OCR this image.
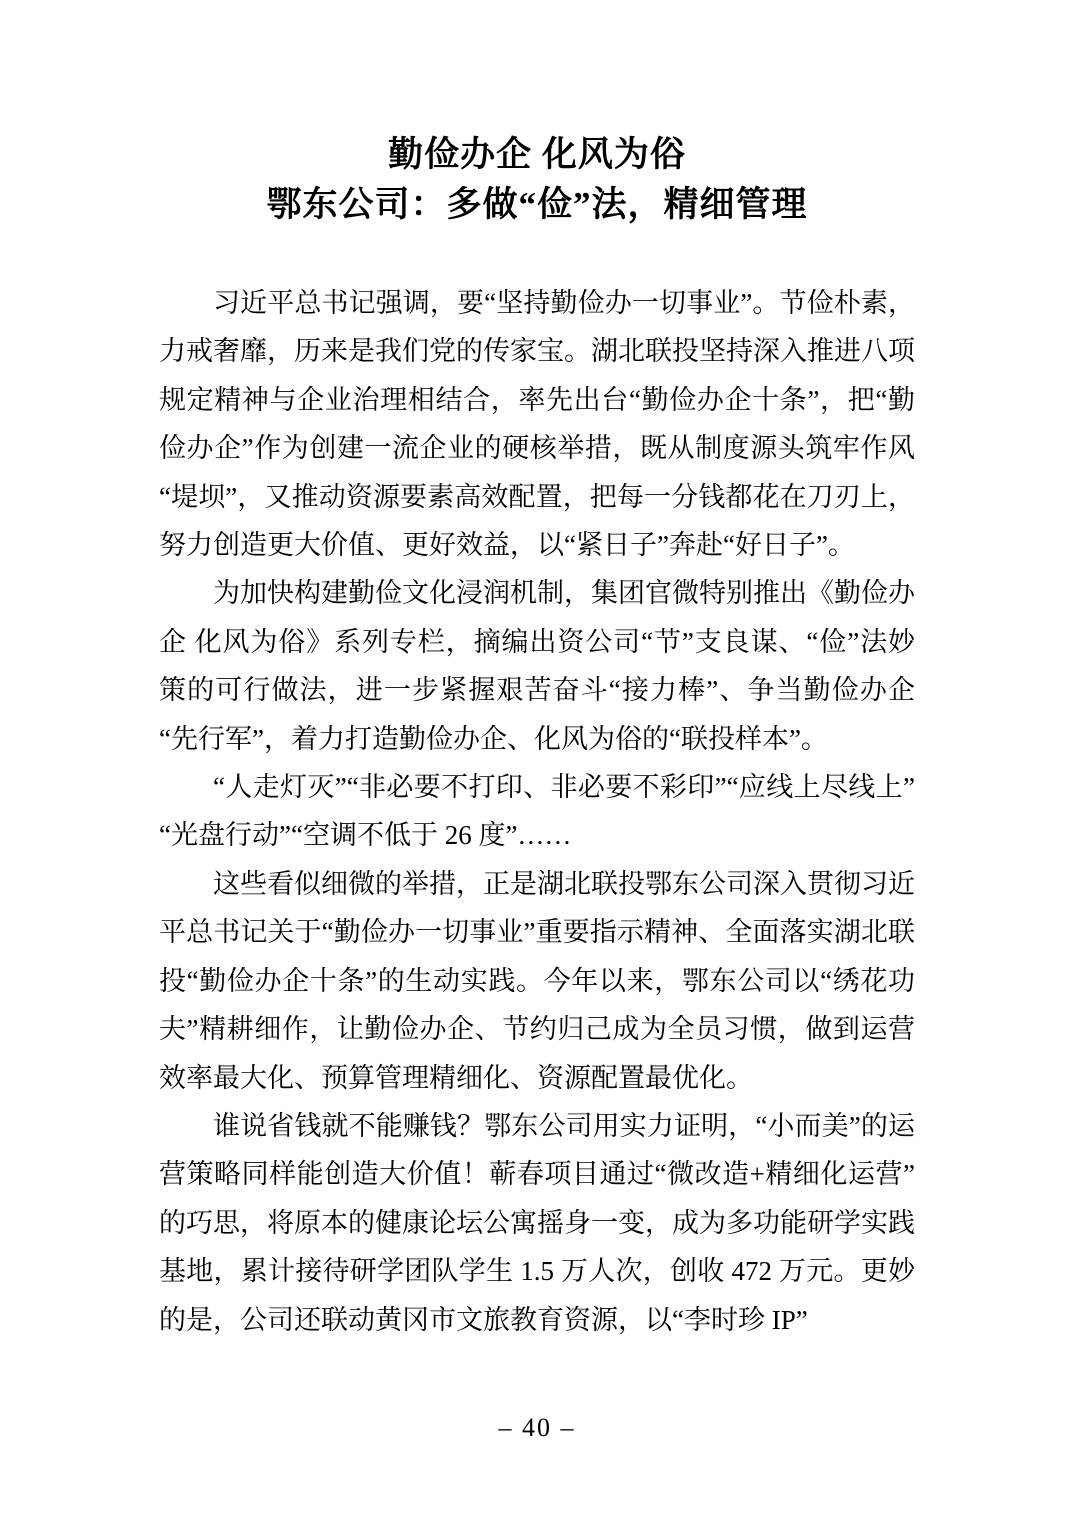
勤俭办企 化风为俗
鄂东公司：多做“俭”法，精细管理

习近平总书记强调，要“坚持勤俭办一切事业”。节俭朴素，力戒奢靡，历来是我们党的传家宝。湖北联投坚持深入推进八项规定精神与企业治理相结合，率先出台“勤俭办企十条”，把“勤俭办企”作为创建一流企业的硬核举措，既从制度源头筑牢作风“堤坝”，又推动资源要素高效配置，把每一分钱都花在刀刃上，努力创造更大价值、更好效益，以“紧日子”奔赴“好日子”。

为加快构建勤俭文化浸润机制，集团官微特别推出《勤俭办企 化风为俗》系列专栏，摘编出资公司“节”支良谋、“俭”法妙策的可行做法，进一步紧握艰苦奋斗“接力棒”、争当勤俭办企“先行军”，着力打造勤俭办企、化风为俗的“联投样本”。

“人走灯灭”“非必要不打印、非必要不彩印”“应线上尽线上”“光盘行动”“空调不低于 26 度”……

这些看似细微的举措，正是湖北联投鄂东公司深入贯彻习近平总书记关于“勤俭办一切事业”重要指示精神、全面落实湖北联投“勤俭办企十条”的生动实践。今年以来，鄂东公司以“绣花功夫”精耕细作，让勤俭办企、节约归己成为全员习惯，做到运营效率最大化、预算管理精细化、资源配置最优化。

谁说省钱就不能赚钱？鄂东公司用实力证明，“小而美”的运营策略同样能创造大价值！蕲春项目通过“微改造+精细化运营”的巧思，将原本的健康论坛公寓摇身一变，成为多功能研学实践基地，累计接待研学团队学生 1.5 万人次，创收 472 万元。更妙的是，公司还联动黄冈市文旅教育资源，以“李时珍 IP”

– 40 –
